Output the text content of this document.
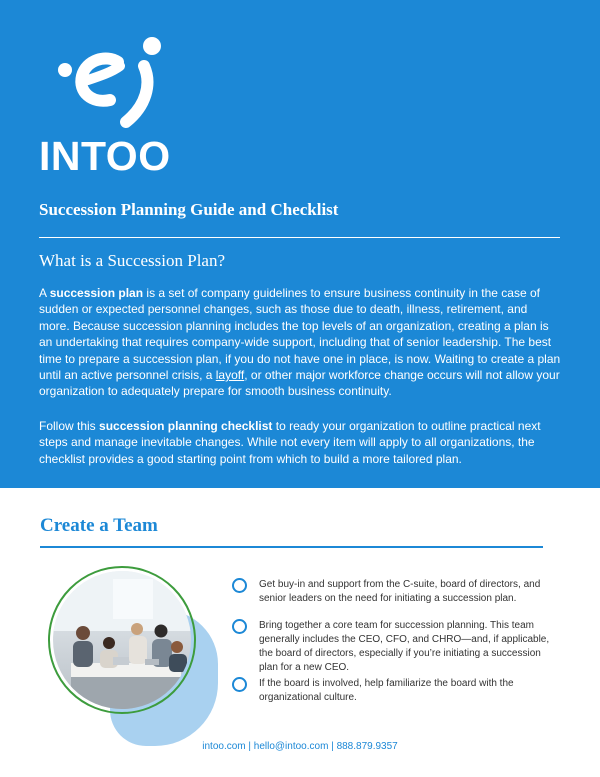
INTOO
Succession Planning Guide and Checklist
What is a Succession Plan?

A succession plan is a set of company guidelines to ensure business continuity in the case of sudden or expected personnel changes, such as those due to death, illness, retirement, and more. Because succession planning includes the top levels of an organization, creating a plan is an undertaking that requires company-wide support, including that of senior leadership. The best time to prepare a succession plan, if you do not have one in place, is now. Waiting to create a plan until an active personnel crisis, a layoff, or other major workforce change occurs will not allow your organization to adequately prepare for smooth business continuity.

Follow this succession planning checklist to ready your organization to outline practical next steps and manage inevitable changes. While not every item will apply to all organizations, the checklist provides a good starting point from which to build a more tailored plan.

Create a Team
Get buy-in and support from the C-suite, board of directors, and senior leaders on the need for initiating a succession plan.
Bring together a core team for succession planning. This team generally includes the CEO, CFO, and CHRO—and, if applicable, the board of directors, especially if you’re initiating a succession plan for a new CEO.
If the board is involved, help familiarize the board with the organizational culture.
intoo.com | hello@intoo.com | 888.879.9357
